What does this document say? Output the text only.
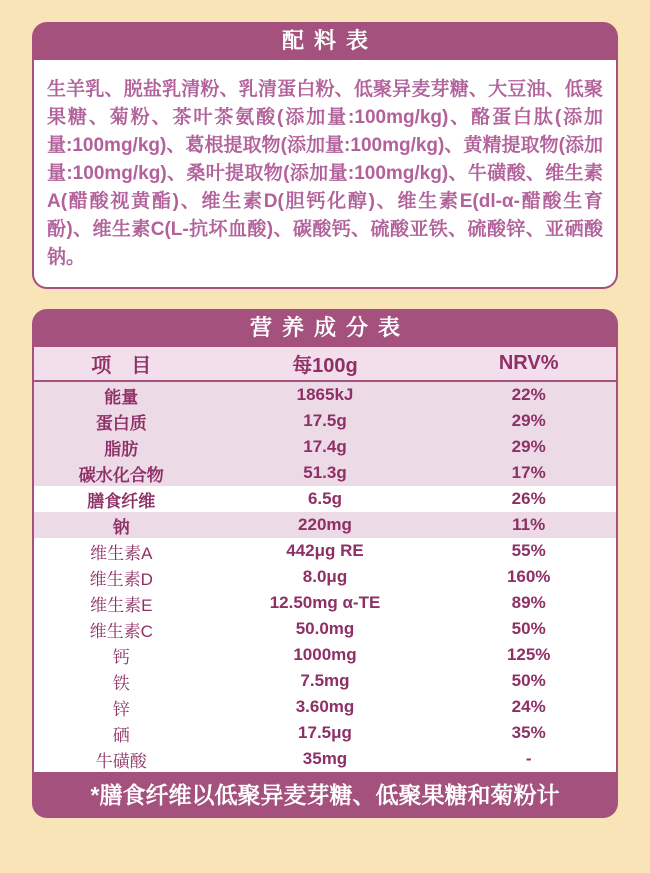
配料表
生羊乳、脱盐乳清粉、乳清蛋白粉、低聚异麦芽糖、大豆油、低聚果糖、菊粉、茶叶茶氨酸(添加量:100mg/kg)、酪蛋白肽(添加量:100mg/kg)、葛根提取物(添加量:100mg/kg)、黄精提取物(添加量:100mg/kg)、桑叶提取物(添加量:100mg/kg)、牛磺酸、维生素A(醋酸视黄酯)、维生素D(胆钙化醇)、维生素E(dl-α-醋酸生育酚)、维生素C(L-抗坏血酸)、碳酸钙、硫酸亚铁、硫酸锌、亚硒酸钠。
营养成分表
项　目	每100g	NRV%
能量	1865kJ	22%
蛋白质	17.5g	29%
脂肪	17.4g	29%
碳水化合物	51.3g	17%
膳食纤维	6.5g	26%
钠	220mg	11%
维生素A	442μg RE	55%
维生素D	8.0μg	160%
维生素E	12.50mg α-TE	89%
维生素C	50.0mg	50%
钙	1000mg	125%
铁	7.5mg	50%
锌	3.60mg	24%
硒	17.5μg	35%
牛磺酸	35mg	-
*膳食纤维以低聚异麦芽糖、低聚果糖和菊粉计
